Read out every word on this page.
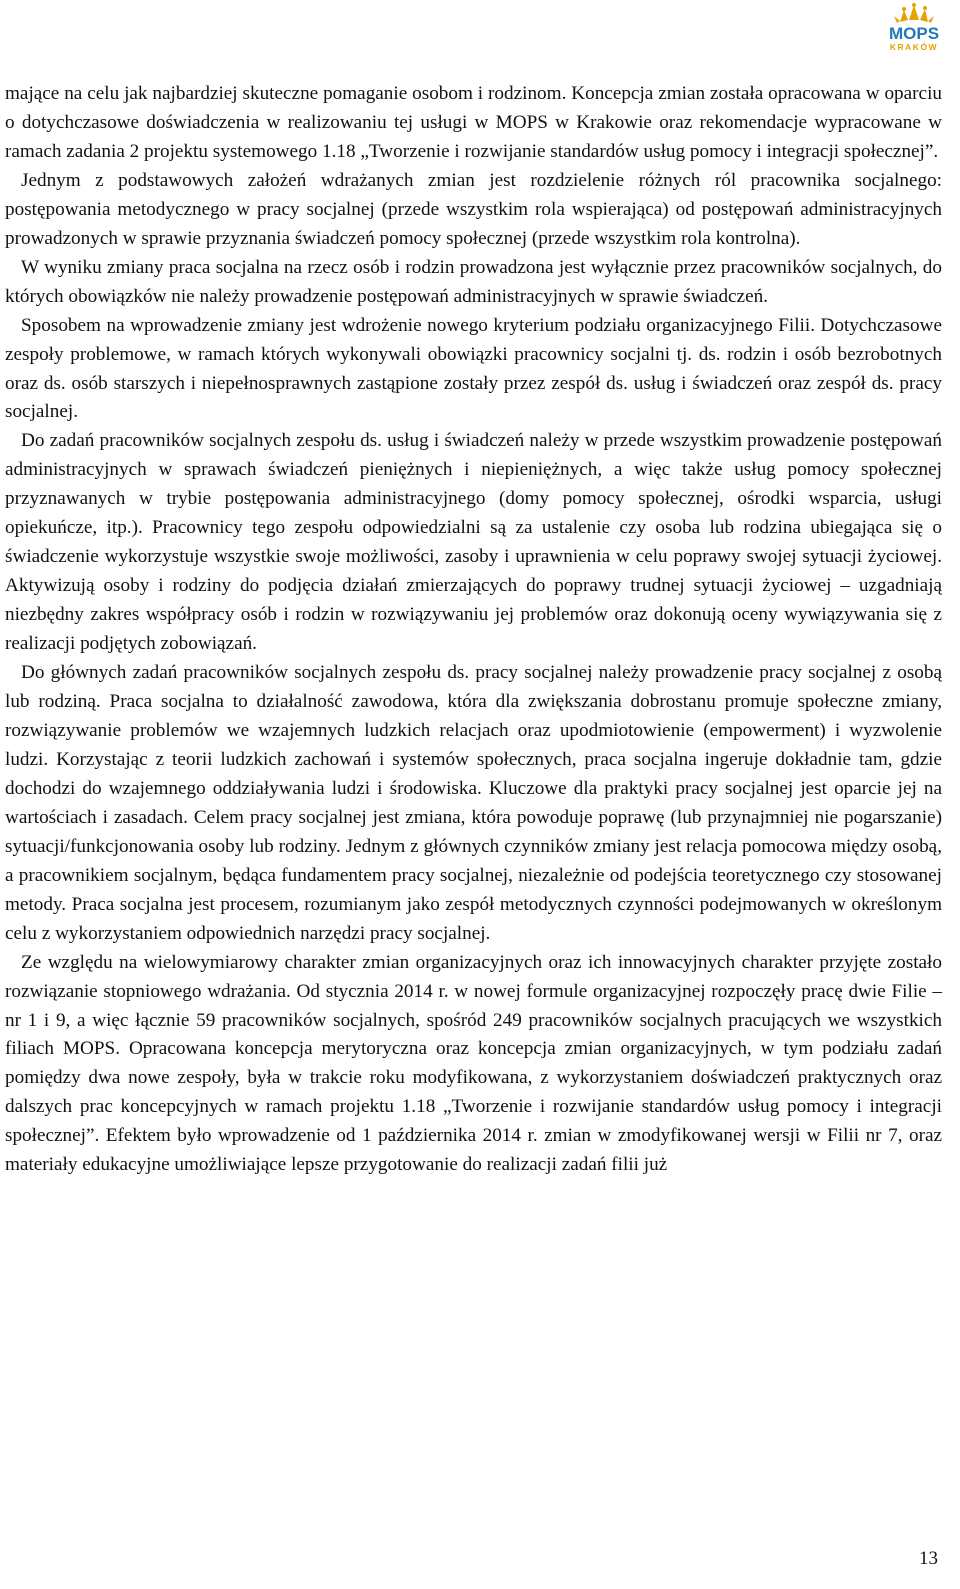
MOPS
KRAKÓW

mające na celu jak najbardziej skuteczne pomaganie osobom i rodzinom. Koncepcja zmian została opracowana w oparciu o dotychczasowe doświadczenia w realizowaniu tej usługi w MOPS w Krakowie oraz rekomendacje wypracowane w ramach zadania 2 projektu systemowego 1.18 „Tworzenie i rozwijanie standardów usług pomocy i integracji społecznej”.

Jednym z podstawowych założeń wdrażanych zmian jest rozdzielenie różnych ról pracownika socjalnego: postępowania metodycznego w pracy socjalnej (przede wszystkim rola wspierająca) od postępowań administracyjnych prowadzonych w sprawie przyznania świadczeń pomocy społecznej (przede wszystkim rola kontrolna).

W wyniku zmiany praca socjalna na rzecz osób i rodzin prowadzona jest wyłącznie przez pracowników socjalnych, do których obowiązków nie należy prowadzenie postępowań administracyjnych w sprawie świadczeń.

Sposobem na wprowadzenie zmiany jest wdrożenie nowego kryterium podziału organizacyjnego Filii. Dotychczasowe zespoły problemowe, w ramach których wykonywali obowiązki pracownicy socjalni tj. ds. rodzin i osób bezrobotnych oraz ds. osób starszych i niepełnosprawnych zastąpione zostały przez zespół ds. usług i świadczeń oraz zespół ds. pracy socjalnej.

Do zadań pracowników socjalnych zespołu ds. usług i świadczeń należy w przede wszystkim prowadzenie postępowań administracyjnych w sprawach świadczeń pieniężnych i niepieniężnych, a więc także usług pomocy społecznej przyznawanych w trybie postępowania administracyjnego (domy pomocy społecznej, ośrodki wsparcia, usługi opiekuńcze, itp.). Pracownicy tego zespołu odpowiedzialni są za ustalenie czy osoba lub rodzina ubiegająca się o świadczenie wykorzystuje wszystkie swoje możliwości, zasoby i uprawnienia w celu poprawy swojej sytuacji życiowej. Aktywizują osoby i rodziny do podjęcia działań zmierzających do poprawy trudnej sytuacji życiowej – uzgadniają niezbędny zakres współpracy osób i rodzin w rozwiązywaniu jej problemów oraz dokonują oceny wywiązywania się z realizacji podjętych zobowiązań.

Do głównych zadań pracowników socjalnych zespołu ds. pracy socjalnej należy prowadzenie pracy socjalnej z osobą lub rodziną. Praca socjalna to działalność zawodowa, która dla zwiększania dobrostanu promuje społeczne zmiany, rozwiązywanie problemów we wzajemnych ludzkich relacjach oraz upodmiotowienie (empowerment) i wyzwolenie ludzi. Korzystając z teorii ludzkich zachowań i systemów społecznych, praca socjalna ingeruje dokładnie tam, gdzie dochodzi do wzajemnego oddziaływania ludzi i środowiska. Kluczowe dla praktyki pracy socjalnej jest oparcie jej na wartościach i zasadach. Celem pracy socjalnej jest zmiana, która powoduje poprawę (lub przynajmniej nie pogarszanie) sytuacji/funkcjonowania osoby lub rodziny. Jednym z głównych czynników zmiany jest relacja pomocowa między osobą, a pracownikiem socjalnym, będąca fundamentem pracy socjalnej, niezależnie od podejścia teoretycznego czy stosowanej metody. Praca socjalna jest procesem, rozumianym jako zespół metodycznych czynności podejmowanych w określonym celu z wykorzystaniem odpowiednich narzędzi pracy socjalnej.

Ze względu na wielowymiarowy charakter zmian organizacyjnych oraz ich innowacyjnych charakter przyjęte zostało rozwiązanie stopniowego wdrażania. Od stycznia 2014 r. w nowej formule organizacyjnej rozpoczęły pracę dwie Filie – nr 1 i 9, a więc łącznie 59 pracowników socjalnych, spośród 249 pracowników socjalnych pracujących we wszystkich filiach MOPS. Opracowana koncepcja merytoryczna oraz koncepcja zmian organizacyjnych, w tym podziału zadań pomiędzy dwa nowe zespoły, była w trakcie roku modyfikowana, z wykorzystaniem doświadczeń praktycznych oraz dalszych prac koncepcyjnych w ramach projektu 1.18 „Tworzenie i rozwijanie standardów usług pomocy i integracji społecznej”. Efektem było wprowadzenie od 1 października 2014 r. zmian w zmodyfikowanej wersji w Filii nr 7, oraz materiały edukacyjne umożliwiające lepsze przygotowanie do realizacji zadań filii już

13
